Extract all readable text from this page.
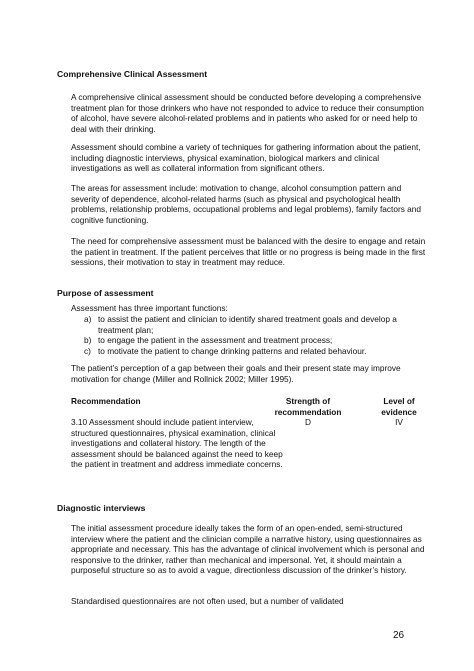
Comprehensive Clinical Assessment

A comprehensive clinical assessment should be conducted before developing a comprehensive treatment plan for those drinkers who have not responded to advice to reduce their consumption of alcohol, have severe alcohol-related problems and in patients who asked for or need help to deal with their drinking.

Assessment should combine a variety of techniques for gathering information about the patient, including diagnostic interviews, physical examination, biological markers and clinical investigations as well as collateral information from significant others.

The areas for assessment include: motivation to change, alcohol consumption pattern and severity of dependence, alcohol-related harms (such as physical and psychological health problems, relationship problems, occupational problems and legal problems), family factors and cognitive functioning.

The need for comprehensive assessment must be balanced with the desire to engage and retain the patient in treatment. If the patient perceives that little or no progress is being made in the first sessions, their motivation to stay in treatment may reduce.

Purpose of assessment

Assessment has three important functions:

a) to assist the patient and clinician to identify shared treatment goals and develop a treatment plan;
b) to engage the patient in the assessment and treatment process;
c) to motivate the patient to change drinking patterns and related behaviour.

The patient’s perception of a gap between their goals and their present state may improve motivation for change (Miller and Rollnick 2002; Miller 1995).

Recommendation	Strength of
recommendation
Level of
evidence
3.10 Assessment should include patient interview, structured questionnaires, physical examination, clinical investigations and collateral history. The length of the assessment should be balanced against the need to keep the patient in treatment and address immediate concerns.
D	IV
Diagnostic interviews

The initial assessment procedure ideally takes the form of an open-ended, semi-structured interview where the patient and the clinician compile a narrative history, using questionnaires as appropriate and necessary. This has the advantage of clinical involvement which is personal and responsive to the drinker, rather than mechanical and impersonal. Yet, it should maintain a purposeful structure so as to avoid a vague, directionless discussion of the drinker’s history.

Standardised questionnaires are not often used, but a number of validated

26
